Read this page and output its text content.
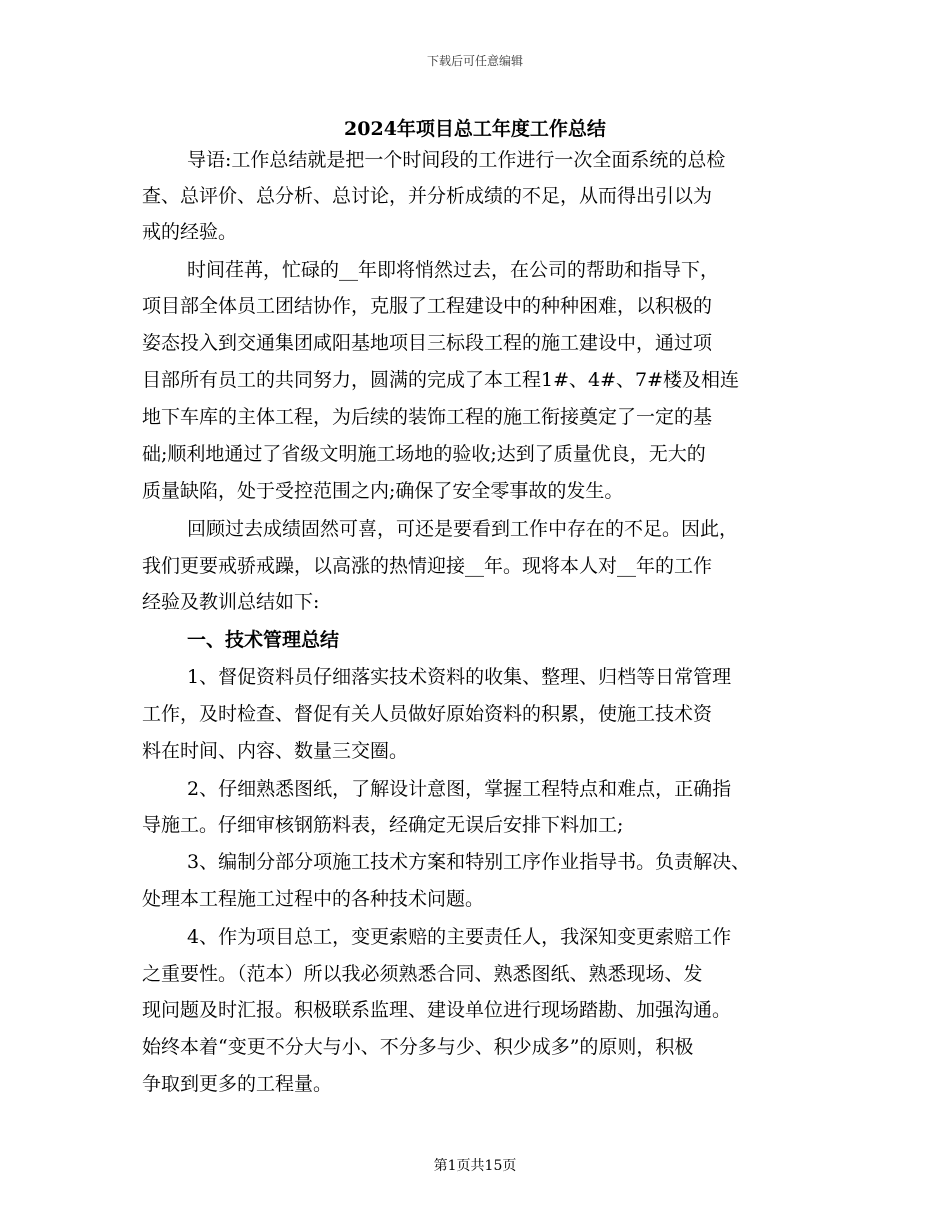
下载后可任意编辑
2024年项目总工年度工作总结
导语:工作总结就是把一个时间段的工作进行一次全面系统的总检
查、总评价、总分析、总讨论，并分析成绩的不足，从而得出引以为
戒的经验。
时间荏苒，忙碌的__年即将悄然过去，在公司的帮助和指导下，
项目部全体员工团结协作，克服了工程建设中的种种困难，以积极的
姿态投入到交通集团咸阳基地项目三标段工程的施工建设中，通过项
目部所有员工的共同努力，圆满的完成了本工程1#、4#、7#楼及相连
地下车库的主体工程，为后续的装饰工程的施工衔接奠定了一定的基
础;顺利地通过了省级文明施工场地的验收;达到了质量优良，无大的
质量缺陷，处于受控范围之内;确保了安全零事故的发生。
回顾过去成绩固然可喜，可还是要看到工作中存在的不足。因此，
我们更要戒骄戒躁，以高涨的热情迎接__年。现将本人对__年的工作
经验及教训总结如下:
一、技术管理总结
1、督促资料员仔细落实技术资料的收集、整理、归档等日常管理
工作，及时检查、督促有关人员做好原始资料的积累，使施工技术资
料在时间、内容、数量三交圈。
2、仔细熟悉图纸，了解设计意图，掌握工程特点和难点，正确指
导施工。仔细审核钢筋料表，经确定无误后安排下料加工;
3、编制分部分项施工技术方案和特别工序作业指导书。负责解决、
处理本工程施工过程中的各种技术问题。
4、作为项目总工，变更索赔的主要责任人，我深知变更索赔工作
之重要性。（范本）所以我必须熟悉合同、熟悉图纸、熟悉现场、发
现问题及时汇报。积极联系监理、建设单位进行现场踏勘、加强沟通。
始终本着“变更不分大与小、不分多与少、积少成多”的原则，积极
争取到更多的工程量。
第1页共15页
